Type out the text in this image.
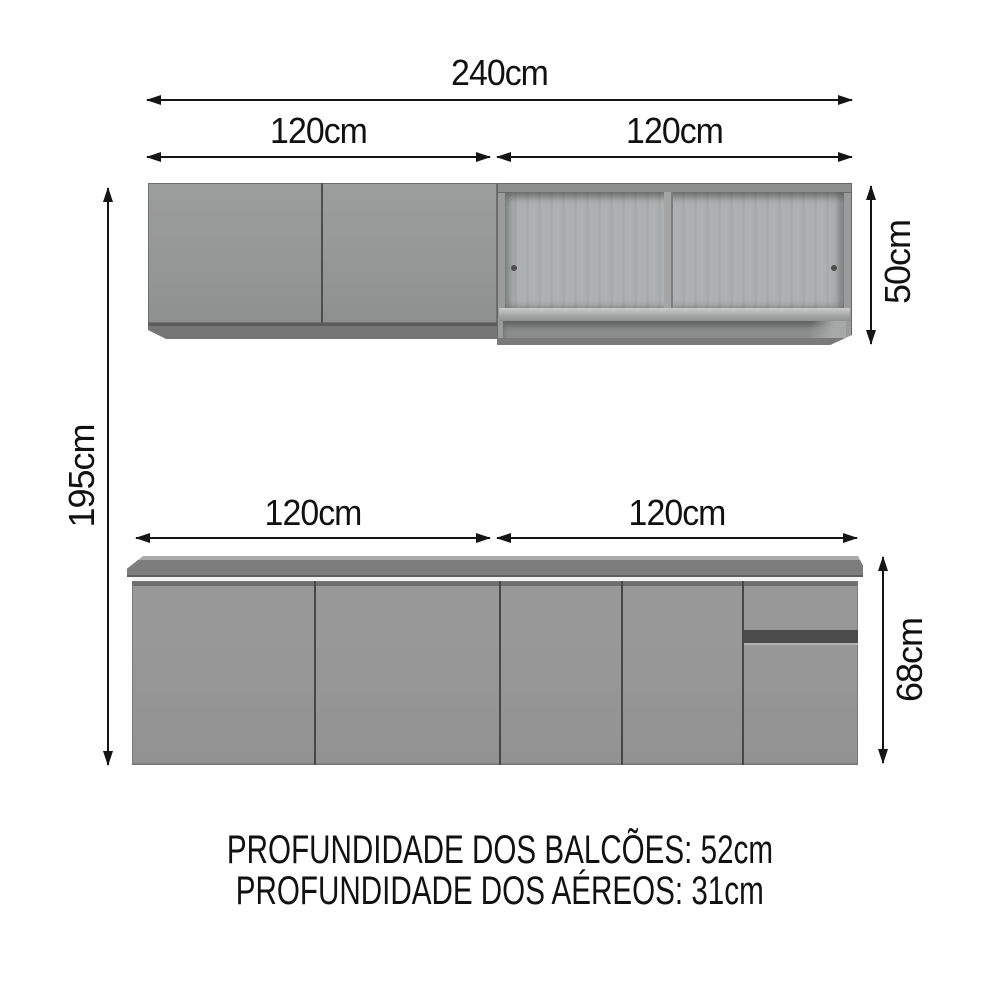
240cm
120cm	120cm
195cm
50cm
120cm	120cm
68cm
PROFUNDIDADE DOS BALCÕES: 52cm
PROFUNDIDADE DOS AÉREOS: 31cm
